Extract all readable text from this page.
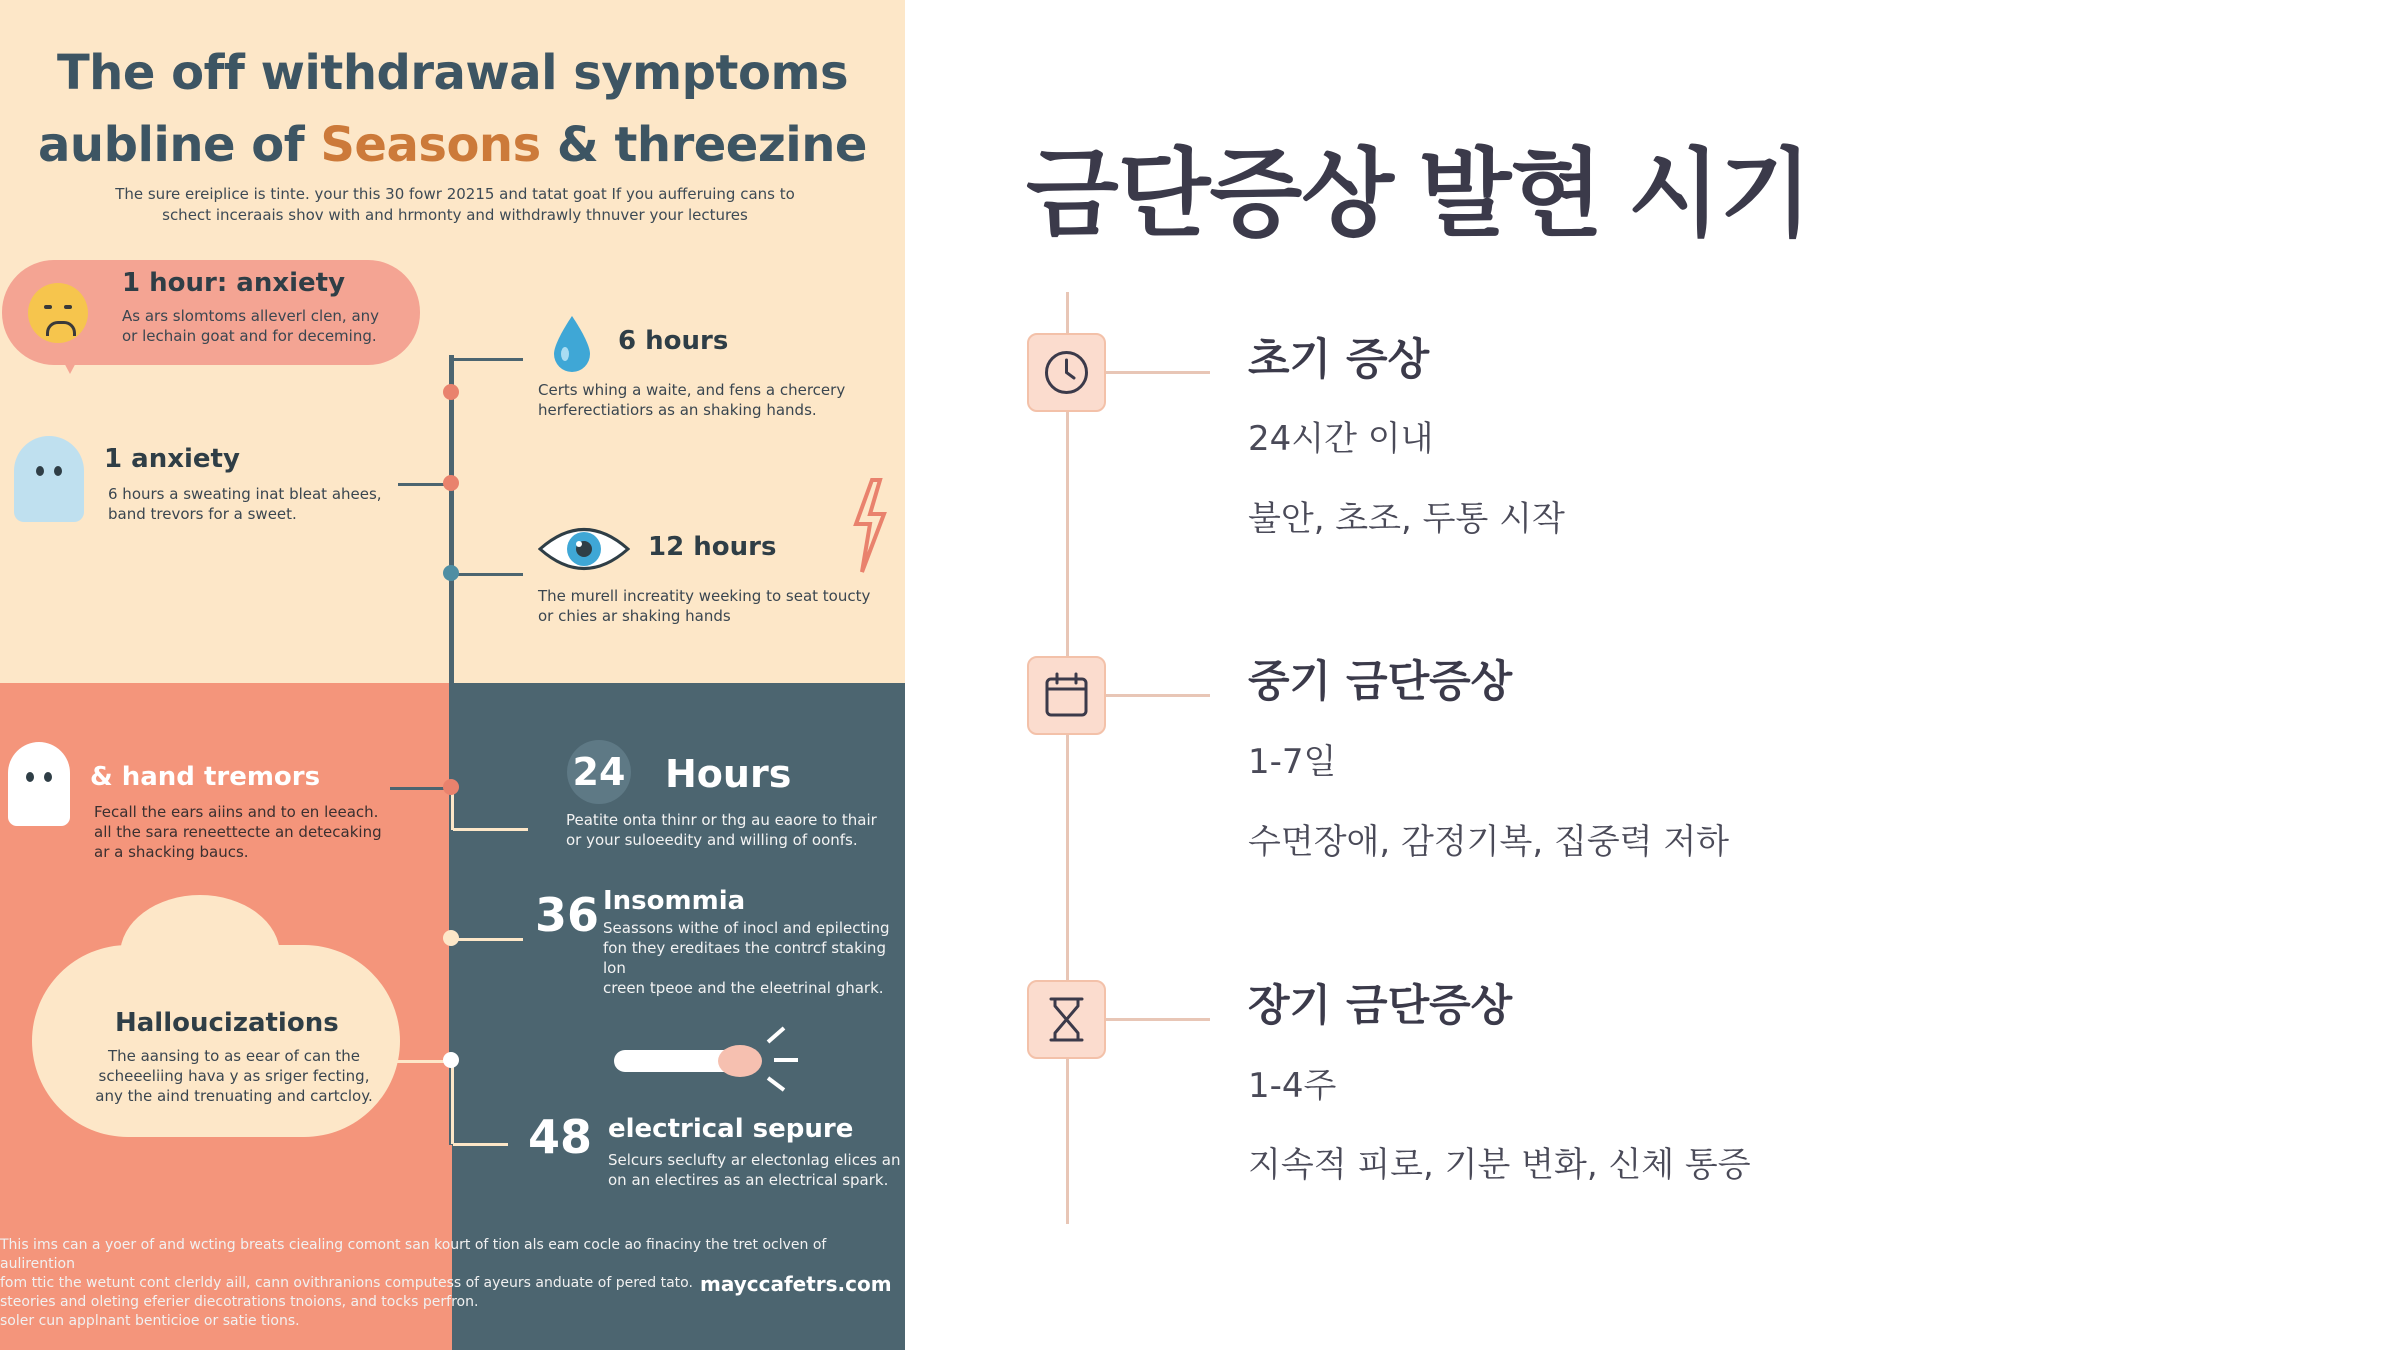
The off withdrawal symptoms
aubline of Seasons & threezine
The sure ereiplice is tinte. your this 30 fowr 20215 and tatat goat If you aufferuing cans to
schect inceraais shov with and hrmonty and withdrawly thnuver your lectures
1 hour: anxiety
As ars slomtoms alleverl clen, any
or lechain goat and for deceming.	6 hours
Certs whing a waite, and fens a chercery
herferectiatiors as an shaking hands.
1 anxiety
6 hours a sweating inat bleat ahees,
band trevors for a sweet.
12 hours
The murell increatity weeking to seat toucty
or chies ar shaking hands
& hand tremors
Fecall the ears aiins and to en leeach.
all the sara reneettecte an detecaking
ar a shacking baucs.
24 Hours
Peatite onta thinr or thg au eaore to thair
or your suloeedity and willing of oonfs.
36 Insommia
Seassons withe of inocl and epilecting
fon they ereditaes the contrcf staking lon
creen tpeoe and the eleetrinal ghark.
Halloucizations
The aansing to as eear of can the
scheeeliing hava y as sriger fecting,
any the aind trenuating and cartcloy.
48 electrical sepure
Selcurs seclufty ar electonlag elices an
on an electires as an electrical spark.
This ims can a yoer of and wcting breats ciealing comont san kourt of tion als eam cocle ao finaciny the tret oclven of aulirention
fom ttic the wetunt cont clerldy aill, cann ovithranions computess of ayeurs anduate of pered tato.
steories and oleting eferier diecotrations tnoions, and tocks perfron.
soler cun applnant benticioe or satie tions.
mayccafetrs.com
금단증상 발현 시기
초기 증상
24시간 이내
불안, 초조, 두통 시작
중기 금단증상
1-7일
수면장애, 감정기복, 집중력 저하
장기 금단증상
1-4주
지속적 피로, 기분 변화, 신체 통증
